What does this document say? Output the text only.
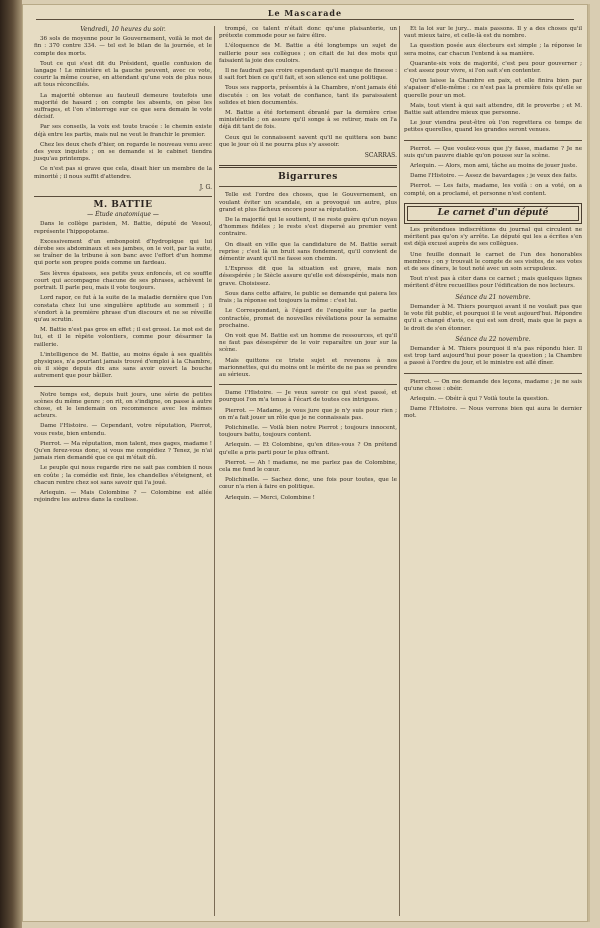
Le Mascarade
Vendredi, 10 heures du soir.

36 sols de moyenne pour le Gouvernement, voilà le mot de fin : 370 contre 334. — tel est le bilan de la journée, et le compte des morts.

Tout ce qui s'est dit du Président, quelle confusion de langage ! Le ministère et la gauche peuvent, avec ce vote, courir la même course, en attendant qu'une voix de plus nous ait tous réconciliés.

La majorité obtenue au fauteuil demeure toutefois une majorité de hasard ; on compte les absents, on pèse les suffrages, et l'on s'interroge sur ce que sera demain le vote décisif.

Par ses conseils, la voix est toute tracée : le chemin existe déjà entre les partis, mais nul ne veut le franchir le premier.

Chez les deux chefs d'hier, on regarde le nouveau venu avec des yeux inquiets ; on se demande si le cabinet tiendra jusqu'au printemps.

Ce n'est pas si grave que cela, disait hier un membre de la minorité ; il nous suffit d'attendre.

J. G.
M. BATTIE
— Étude anatomique —

Dans le collège parisien, M. Battie, député de Vesoul, représente l'hippopotame.

Excessivement d'un embonpoint d'hydropique qui lui dérobe ses abdominaux et ses jambes, on le voit, par la suite, se traîner de la tribune à son banc avec l'effort d'un homme qui porte son propre poids comme un fardeau.

Ses lèvres épaisses, ses petits yeux enfoncés, et ce souffle court qui accompagne chacune de ses phrases, achèvent le portrait. Il parle peu, mais il vote toujours.

Lord rapor, ce fut à la suite de la maladie dernière que l'on constata chez lui une singulière aptitude au sommeil ; il s'endort à la première phrase d'un discours et ne se réveille qu'au scrutin.

M. Battie n'est pas gros en effet ; il est grossi. Le mot est de lui, et il le répète volontiers, comme pour désarmer la raillerie.

L'intelligence de M. Battie, au moins égale à ses qualités physiques, n'a pourtant jamais trouvé d'emploi à la Chambre, où il siège depuis dix ans sans avoir ouvert la bouche autrement que pour bâiller.

Notre temps est, depuis huit jours, une série de petites scènes du même genre ; on rit, on s'indigne, on passe à autre chose, et le lendemain on recommence avec les mêmes acteurs.

Dame l'Histoire. — Cependant, votre réputation, Pierrot, vous reste, bien entendu.

Pierrot. — Ma réputation, mon talent, mes gages, madame ! Qu'en ferez-vous donc, si vous me congédiez ? Tenez, je n'ai jamais rien demandé que ce qui m'était dû.

Le peuple qui nous regarde rire ne sait pas combien il nous en coûte ; la comédie est finie, les chandelles s'éteignent, et chacun rentre chez soi sans savoir qui l'a joué.

Arlequin. — Mais Colombine ? — Colombine est allée rejoindre les autres dans la coulisse.

trompé, ce talent n'était donc qu'une plaisanterie, un prétexte commode pour se faire élire.

L'éloquence de M. Battie a été longtemps un sujet de raillerie pour ses collègues ; on citait de lui des mots qui faisaient la joie des couloirs.

Il ne faudrait pas croire cependant qu'il manque de finesse : il sait fort bien ce qu'il fait, et son silence est une politique.

Tous ses rapports, présentés à la Chambre, n'ont jamais été discutés : on les votait de confiance, tant ils paraissaient solides et bien documentés.

M. Battie a été fortement ébranlé par la dernière crise ministérielle ; on assure qu'il songe à se retirer, mais on l'a déjà dit tant de fois.

Ceux qui le connaissent savent qu'il ne quittera son banc que le jour où il ne pourra plus s'y asseoir.

SCARRAS.
Bigarrures

Telle est l'ordre des choses, que le Gouvernement, en voulant éviter un scandale, en a provoqué un autre, plus grand et plus fâcheux encore pour sa réputation.

De la majorité qui le soutient, il ne reste guère qu'un noyau d'hommes fidèles ; le reste s'est dispersé au premier vent contraire.

On disait en ville que la candidature de M. Battie serait reprise ; c'est là un bruit sans fondement, qu'il convient de démentir avant qu'il ne fasse son chemin.

L'Express dit que la situation est grave, mais non désespérée ; le Siècle assure qu'elle est désespérée, mais non grave. Choisissez.

Sous dans cette affaire, le public se demande qui paiera les frais ; la réponse est toujours la même : c'est lui.

Le Correspondant, à l'égard de l'enquête sur la partie contractée, promet de nouvelles révélations pour la semaine prochaine.

On voit que M. Battie est un homme de ressources, et qu'il ne faut pas désespérer de le voir reparaître un jour sur la scène.

Mais quittons ce triste sujet et revenons à nos marionnettes, qui du moins ont le mérite de ne pas se prendre au sérieux.

Dame l'Histoire. — Je veux savoir ce qui s'est passé, et pourquoi l'on m'a tenue à l'écart de toutes ces intrigues.

Pierrot. — Madame, je vous jure que je n'y suis pour rien ; on m'a fait jouer un rôle que je ne connaissais pas.

Polichinelle. — Voilà bien notre Pierrot ; toujours innocent, toujours battu, toujours content.

Arlequin. — Et Colombine, qu'en dites-vous ? On prétend qu'elle a pris parti pour le plus offrant.

Pierrot. — Ah ! madame, ne me parlez pas de Colombine, cela me fend le cœur.

Polichinelle. — Sachez donc, une fois pour toutes, que le cœur n'a rien à faire en politique.

Arlequin. — Merci, Colombine !

Et la loi sur le jury... mais passons. Il y a des choses qu'il vaut mieux taire, et celle-là est du nombre.

La question posée aux électeurs est simple ; la réponse le sera moins, car chacun l'entend à sa manière.

Quarante-six voix de majorité, c'est peu pour gouverner ; c'est assez pour vivre, si l'on sait s'en contenter.

Qu'on laisse la Chambre en paix, et elle finira bien par s'apaiser d'elle-même : ce n'est pas la première fois qu'elle se querelle pour un mot.

Mais, tout vient à qui sait attendre, dit le proverbe ; et M. Battie sait attendre mieux que personne.

Le jour viendra peut-être où l'on regrettera ce temps de petites querelles, quand les grandes seront venues.

Pierrot. — Que voulez-vous que j'y fasse, madame ? Je ne suis qu'un pauvre diable qu'on pousse sur la scène.

Arlequin. — Alors, mon ami, tâche au moins de jouer juste.

Dame l'Histoire. — Assez de bavardages ; je veux des faits.

Pierrot. — Les faits, madame, les voilà : on a voté, on a compté, on a proclamé, et personne n'est content.

Le carnet d'un député

Les prétendues indiscrétions du journal qui circulent ne méritent pas qu'on s'y arrête. Le député qui les a écrites s'en est déjà excusé auprès de ses collègues.

Une feuille donnait le carnet de l'un des honorables membres ; on y trouvait le compte de ses visites, de ses votes et de ses dîners, le tout noté avec un soin scrupuleux.

Tout n'est pas à citer dans ce carnet ; mais quelques lignes méritent d'être recueillies pour l'édification de nos lecteurs.

Séance du 21 novembre.

Demander à M. Thiers pourquoi avant il ne voulait pas que le vote fût public, et pourquoi il le veut aujourd'hui. Répondre qu'il a changé d'avis, ce qui est son droit, mais que le pays a le droit de s'en étonner.

Séance du 22 novembre.

Demander à M. Thiers pourquoi il n'a pas répondu hier. Il est trop tard aujourd'hui pour poser la question ; la Chambre a passé à l'ordre du jour, et le ministre est allé dîner.

Pierrot. — On me demande des leçons, madame ; je ne sais qu'une chose : obéir.

Arlequin. — Obéir à qui ? Voilà toute la question.

Dame l'Histoire. — Nous verrons bien qui aura le dernier mot.
